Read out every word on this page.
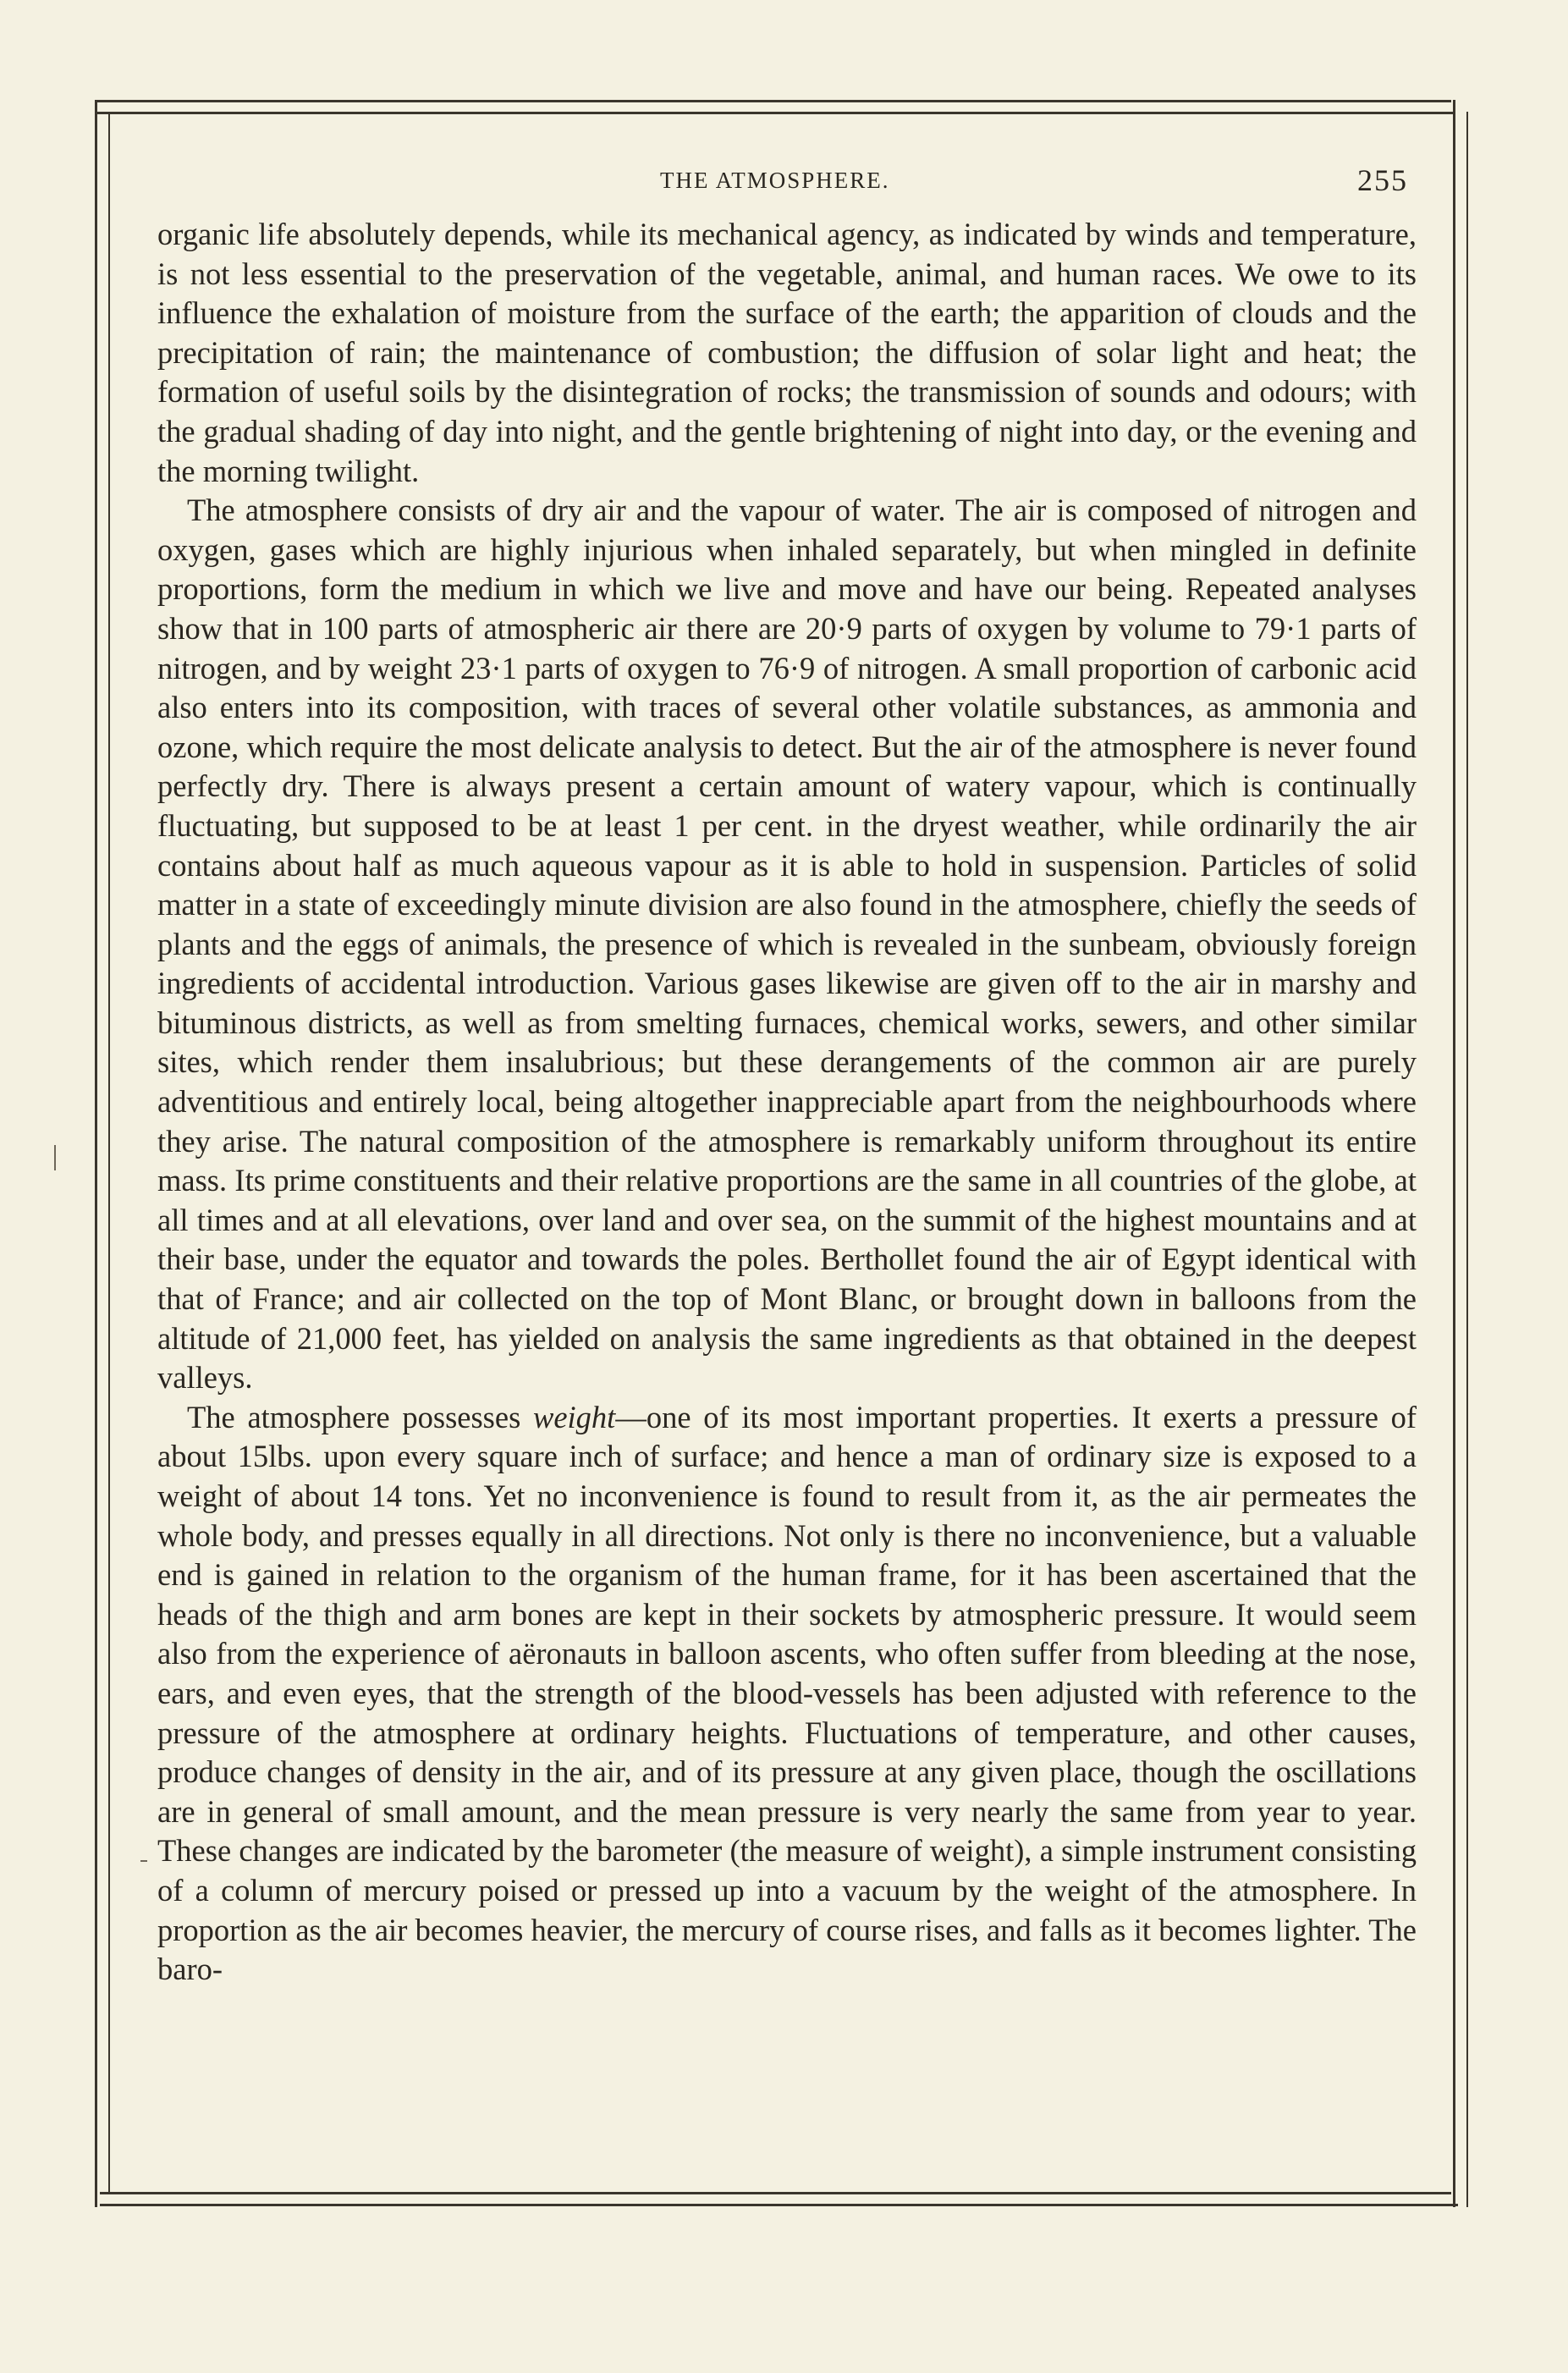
THE ATMOSPHERE.	255

organic life absolutely depends, while its mechanical agency, as indicated by winds and temperature, is not less essential to the preservation of the vegetable, animal, and human races. We owe to its influence the exhalation of moisture from the surface of the earth; the apparition of clouds and the precipitation of rain; the maintenance of combustion; the diffusion of solar light and heat; the formation of useful soils by the disintegration of rocks; the transmission of sounds and odours; with the gradual shading of day into night, and the gentle brightening of night into day, or the evening and the morning twilight.

The atmosphere consists of dry air and the vapour of water. The air is composed of nitrogen and oxygen, gases which are highly injurious when inhaled separately, but when mingled in definite proportions, form the medium in which we live and move and have our being. Repeated analyses show that in 100 parts of atmospheric air there are 20·9 parts of oxygen by volume to 79·1 parts of nitrogen, and by weight 23·1 parts of oxygen to 76·9 of nitrogen. A small proportion of carbonic acid also enters into its composition, with traces of several other volatile substances, as ammonia and ozone, which require the most delicate analysis to detect. But the air of the atmosphere is never found perfectly dry. There is always present a certain amount of watery vapour, which is continually fluctuating, but supposed to be at least 1 per cent. in the dryest weather, while ordinarily the air contains about half as much aqueous vapour as it is able to hold in suspension. Particles of solid matter in a state of exceedingly minute division are also found in the atmosphere, chiefly the seeds of plants and the eggs of animals, the presence of which is revealed in the sunbeam, obviously foreign ingredients of accidental introduction. Various gases likewise are given off to the air in marshy and bituminous districts, as well as from smelting furnaces, chemical works, sewers, and other similar sites, which render them insalubrious; but these derangements of the common air are purely adventitious and entirely local, being altogether inappreciable apart from the neighbourhoods where they arise. The natural composition of the atmosphere is remarkably uniform throughout its entire mass. Its prime constituents and their relative proportions are the same in all countries of the globe, at all times and at all elevations, over land and over sea, on the summit of the highest mountains and at their base, under the equator and towards the poles. Berthollet found the air of Egypt identical with that of France; and air collected on the top of Mont Blanc, or brought down in balloons from the altitude of 21,000 feet, has yielded on analysis the same ingredients as that obtained in the deepest valleys.

The atmosphere possesses weight—one of its most important properties. It exerts a pressure of about 15lbs. upon every square inch of surface; and hence a man of ordinary size is exposed to a weight of about 14 tons. Yet no inconvenience is found to result from it, as the air permeates the whole body, and presses equally in all directions. Not only is there no inconvenience, but a valuable end is gained in relation to the organism of the human frame, for it has been ascertained that the heads of the thigh and arm bones are kept in their sockets by atmospheric pressure. It would seem also from the experience of aëronauts in balloon ascents, who often suffer from bleeding at the nose, ears, and even eyes, that the strength of the blood-vessels has been adjusted with reference to the pressure of the atmosphere at ordinary heights. Fluctuations of temperature, and other causes, produce changes of density in the air, and of its pressure at any given place, though the oscillations are in general of small amount, and the mean pressure is very nearly the same from year to year. These changes are indicated by the barometer (the measure of weight), a simple instrument consisting of a column of mercury poised or pressed up into a vacuum by the weight of the atmosphere. In proportion as the air becomes heavier, the mercury of course rises, and falls as it becomes lighter. The baro-
